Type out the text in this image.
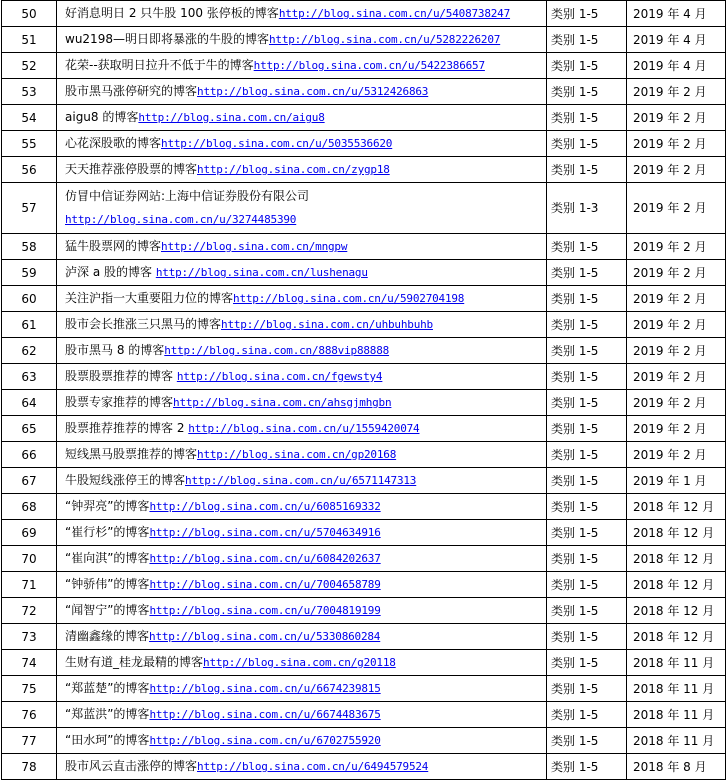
50	好消息明日 2 只牛股 100 张停板的博客http://blog.sina.com.cn/u/5408738247	类别 1-5	2019 年 4 月
51	wu2198—明日即将暴涨的牛股的博客http://blog.sina.com.cn/u/5282226207	类别 1-5	2019 年 4 月
52	花荣--获取明日拉升不低于牛的博客http://blog.sina.com.cn/u/5422386657	类别 1-5	2019 年 4 月
53	股市黑马涨停研究的博客http://blog.sina.com.cn/u/5312426863	类别 1-5	2019 年 2 月
54	aigu8 的博客http://blog.sina.com.cn/aigu8	类别 1-5	2019 年 2 月
55	心花深股歌的博客http://blog.sina.com.cn/u/5035536620	类别 1-5	2019 年 2 月
56	天天推荐涨停股票的博客http://blog.sina.com.cn/zygp18	类别 1-5	2019 年 2 月
57	仿冒中信证券网站:上海中信证券股份有限公司
http://blog.sina.com.cn/u/3274485390	类别 1-3	2019 年 2 月
58	猛牛股票网的博客http://blog.sina.com.cn/mngpw	类别 1-5	2019 年 2 月
59	泸深 a 股的博客 http://blog.sina.com.cn/lushenagu	类别 1-5	2019 年 2 月
60	关注沪指一大重要阻力位的博客http://blog.sina.com.cn/u/5902704198	类别 1-5	2019 年 2 月
61	股市会长推涨三只黑马的博客http://blog.sina.com.cn/uhbuhbuhb	类别 1-5	2019 年 2 月
62	股市黑马 8 的博客http://blog.sina.com.cn/888vip88888	类别 1-5	2019 年 2 月
63	股票股票推荐的博客 http://blog.sina.com.cn/fgewsty4	类别 1-5	2019 年 2 月
64	股票专家推荐的博客http://blog.sina.com.cn/ahsgjmhgbn	类别 1-5	2019 年 2 月
65	股票推荐推荐的博客 2 http://blog.sina.com.cn/u/1559420074	类别 1-5	2019 年 2 月
66	短线黑马股票推荐的博客http://blog.sina.com.cn/gp20168	类别 1-5	2019 年 2 月
67	牛股短线涨停王的博客http://blog.sina.com.cn/u/6571147313	类别 1-5	2019 年 1 月
68	“钟羿亮”的博客http://blog.sina.com.cn/u/6085169332	类别 1-5	2018 年 12 月
69	“崔行杉”的博客http://blog.sina.com.cn/u/5704634916	类别 1-5	2018 年 12 月
70	“崔向淇”的博客http://blog.sina.com.cn/u/6084202637	类别 1-5	2018 年 12 月
71	“钟骄伟”的博客http://blog.sina.com.cn/u/7004658789	类别 1-5	2018 年 12 月
72	“闻智宁”的博客http://blog.sina.com.cn/u/7004819199	类别 1-5	2018 年 12 月
73	清幽鑫缘的博客http://blog.sina.com.cn/u/5330860284	类别 1-5	2018 年 12 月
74	生财有道_桂龙最精的博客http://blog.sina.com.cn/g20118	类别 1-5	2018 年 11 月
75	“郑蓝楚”的博客http://blog.sina.com.cn/u/6674239815	类别 1-5	2018 年 11 月
76	“郑蓝洪”的博客http://blog.sina.com.cn/u/6674483675	类别 1-5	2018 年 11 月
77	“田水珂”的博客http://blog.sina.com.cn/u/6702755920	类别 1-5	2018 年 11 月
78	股市风云直击涨停的博客http://blog.sina.com.cn/u/6494579524	类别 1-5	2018 年 8 月
